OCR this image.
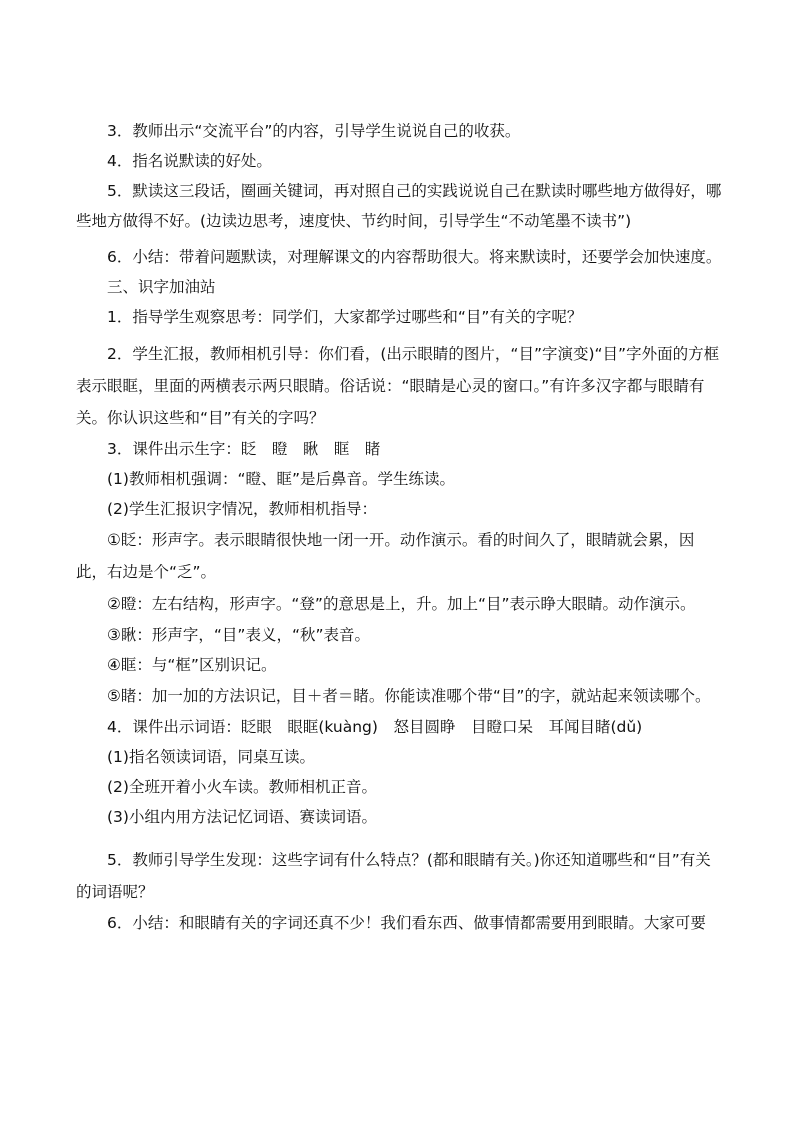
3．教师出示“交流平台”的内容，引导学生说说自己的收获。

4．指名说默读的好处。

5．默读这三段话，圈画关键词，再对照自己的实践说说自己在默读时哪些地方做得好，哪些地方做得不好。(边读边思考，速度快、节约时间，引导学生“不动笔墨不读书”)

6．小结：带着问题默读，对理解课文的内容帮助很大。将来默读时，还要学会加快速度。

三、识字加油站

1．指导学生观察思考：同学们，大家都学过哪些和“目”有关的字呢？

2．学生汇报，教师相机引导：你们看，(出示眼睛的图片，“目”字演变)“目”字外面的方框表示眼眶，里面的两横表示两只眼睛。俗话说：“眼睛是心灵的窗口。”有许多汉字都与眼睛有关。你认识这些和“目”有关的字吗？

3．课件出示生字：眨　瞪　瞅　眶　睹

(1)教师相机强调：“瞪、眶”是后鼻音。学生练读。

(2)学生汇报识字情况，教师相机指导：

①眨：形声字。表示眼睛很快地一闭一开。动作演示。看的时间久了，眼睛就会累，因此，右边是个“乏”。

②瞪：左右结构，形声字。“登”的意思是上，升。加上“目”表示睁大眼睛。动作演示。

③瞅：形声字，“目”表义，“秋”表音。

④眶：与“框”区别识记。

⑤睹：加一加的方法识记，目＋者＝睹。你能读准哪个带“目”的字，就站起来领读哪个。

4．课件出示词语：眨眼　眼眶(kuàng)　怒目圆睁　目瞪口呆　耳闻目睹(dǔ)

(1)指名领读词语，同桌互读。

(2)全班开着小火车读。教师相机正音。

(3)小组内用方法记忆词语、赛读词语。

5．教师引导学生发现：这些字词有什么特点？(都和眼睛有关。)你还知道哪些和“目”有关的词语呢？

6．小结：和眼睛有关的字词还真不少！我们看东西、做事情都需要用到眼睛。大家可要
